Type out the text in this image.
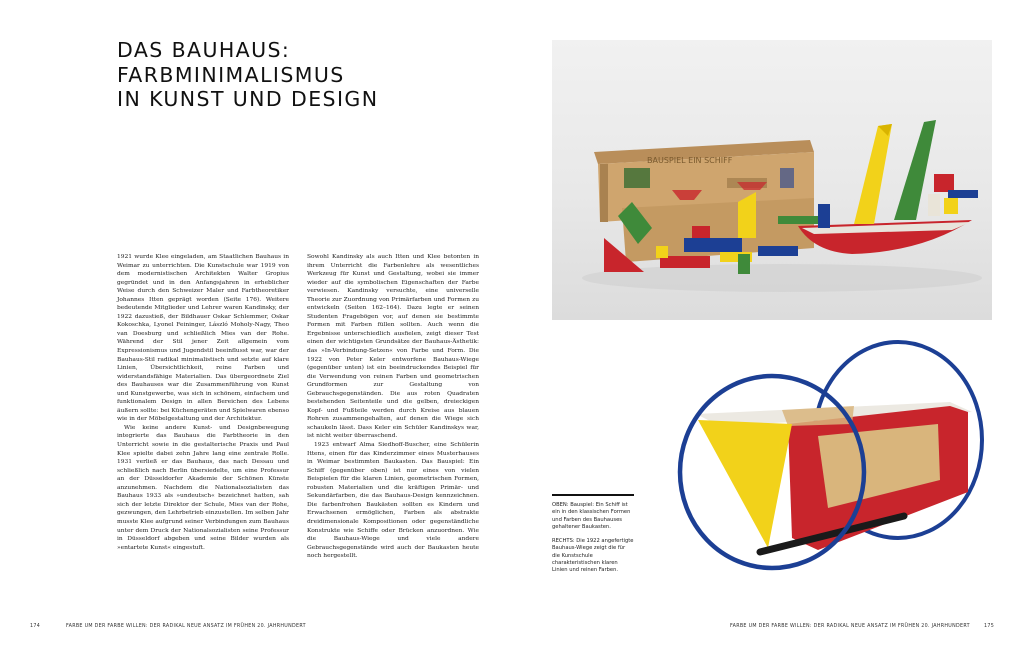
DAS BAUHAUS:
FARBMINIMALISMUS
IN KUNST UND DESIGN

1921 wurde Klee eingeladen, am Staatlichen Bauhaus in Weimar zu unterrichten. Die Kunstschule war 1919 von dem modernistischen Architekten Walter Gropius gegründet und in den Anfangsjahren in erheblicher Weise durch den Schweizer Maler und Farbtheoretiker Johannes Itten geprägt worden (Seite 176). Weitere bedeutende Mitglieder und Lehrer waren Kandinsky, der 1922 dazustieß, der Bildhauer Oskar Schlemmer, Oskar Kokoschka, Lyonel Feininger, László Moholy-Nagy, Theo van Doesburg und schließlich Mies van der Rohe. Während der Stil jener Zeit allgemein vom Expressionismus und Jugendstil beeinflusst war, war der Bauhaus-Stil radikal minimalistisch und setzte auf klare Linien, Übersichtlichkeit, reine Farben und widerstandsfähige Materialien. Das übergeordnete Ziel des Bauhauses war die Zusammenführung von Kunst und Kunstgewerbe, was sich in schönem, einfachem und funktionalem Design in allen Bereichen des Lebens äußern sollte: bei Küchengeräten und Spielwaren ebenso wie in der Möbelgestaltung und der Architektur.

Wie keine andere Kunst- und Designbewegung integrierte das Bauhaus die Farbtheorie in den Unterricht sowie in die gestalterische Praxis und Paul Klee spielte dabei zehn Jahre lang eine zentrale Rolle. 1931 verließ er das Bauhaus, das nach Dessau und schließlich nach Berlin übersiedelte, um eine Professur an der Düsseldorfer Akademie der Schönen Künste anzunehmen. Nachdem die Nationalsozialisten das Bauhaus 1933 als »undeutsch« bezeichnet hatten, sah sich der letzte Direktor der Schule, Mies van der Rohe, gezwungen, den Lehrbetrieb einzustellen. Im selben Jahr musste Klee aufgrund seiner Verbindungen zum Bauhaus unter dem Druck der Nationalsozialisten seine Professur in Düsseldorf abgeben und seine Bilder wurden als »entartete Kunst« eingestuft.

Sowohl Kandinsky als auch Itten und Klee betonten in ihrem Unterricht die Farbenlehre als wesentliches Werkzeug für Kunst und Gestaltung, wobei sie immer wieder auf die symbolischen Eigenschaften der Farbe verwiesen. Kandinsky versuchte, eine universelle Theorie zur Zuordnung von Primärfarben und Formen zu entwickeln (Seiten 162–164). Dazu legte er seinen Studenten Fragebögen vor, auf denen sie bestimmte Formen mit Farben füllen sollten. Auch wenn die Ergebnisse unterschiedlich ausfielen, zeigt dieser Test einen der wichtigsten Grundsätze der Bauhaus-Ästhetik: das »In-Verbindung-Setzen« von Farbe und Form. Die 1922 von Peter Keler entworfene Bauhaus-Wiege (gegenüber unten) ist ein beeindruckendes Beispiel für die Verwendung von reinen Farben und geometrischen Grundformen zur Gestaltung von Gebrauchsgegenständen. Die aus roten Quadraten bestehenden Seitenteile und die gelben, dreieckigen Kopf- und Fußteile werden durch Kreise aus blauen Rohren zusammengehalten, auf denen die Wiege sich schaukeln lässt. Dass Keler ein Schüler Kandinskys war, ist nicht weiter überraschend.

1923 entwarf Alma Siedhoff-Buscher, eine Schülerin Ittens, einen für das Kinderzimmer eines Musterhauses in Weimar bestimmten Baukasten. Das Bauspiel: Ein Schiff (gegenüber oben) ist nur eines von vielen Beispielen für die klaren Linien, geometrischen Formen, robusten Materialien und die kräftigen Primär- und Sekundärfarben, die das Bauhaus-Design kennzeichnen. Die farbenfrohen Baukästen sollten es Kindern und Erwachsenen ermöglichen, Farben als abstrakte dreidimensionale Kompositionen oder gegenständliche Konstrukte wie Schiffe oder Brücken anzuordnen. Wie die Bauhaus-Wiege und viele andere Gebrauchsgegenstände wird auch der Baukasten heute noch hergestellt.

BAUSPIEL EIN SCHIFF

OBEN: Bauspiel: Ein Schiff ist ein in den klassischen Formen und Farben des Bauhauses gehaltener Baukasten.

RECHTS: Die 1922 angefertigte Bauhaus-Wiege zeigt die für die Kunstschule charakteristischen klaren Linien und reinen Farben.

174	FARBE UM DER FARBE WILLEN: DER RADIKAL NEUE ANSATZ IM FRÜHEN 20. JAHRHUNDERT	FARBE UM DER FARBE WILLEN: DER RADIKAL NEUE ANSATZ IM FRÜHEN 20. JAHRHUNDERT	175
